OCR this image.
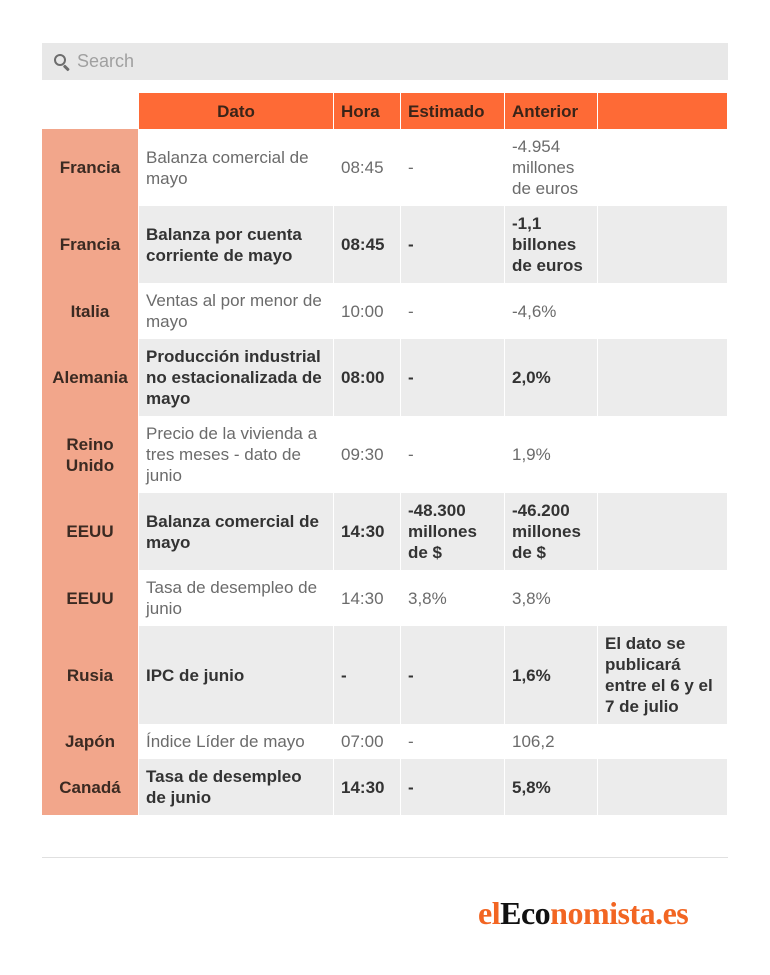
Search
	Dato	Hora	Estimado	Anterior	
Francia	Balanza comercial de mayo	08:45	-	-4.954 millones de euros	
Francia	Balanza por cuenta corriente de mayo	08:45	-	-1,1 billones de euros	
Italia	Ventas al por menor de mayo	10:00	-	-4,6%	
Alemania	Producción industrial no estacionalizada de mayo	08:00	-	2,0%	
Reino Unido	Precio de la vivienda a tres meses - dato de junio	09:30	-	1,9%	
EEUU	Balanza comercial de mayo	14:30	-48.300 millones de $	-46.200 millones de $	
EEUU	Tasa de desempleo de junio	14:30	3,8%	3,8%	
Rusia	IPC de junio	-	-	1,6%	El dato se publicará entre el 6 y el 7 de julio
Japón	Índice Líder de mayo	07:00	-	106,2	
Canadá	Tasa de desempleo de junio	14:30	-	5,8%	
elEconomista.es
